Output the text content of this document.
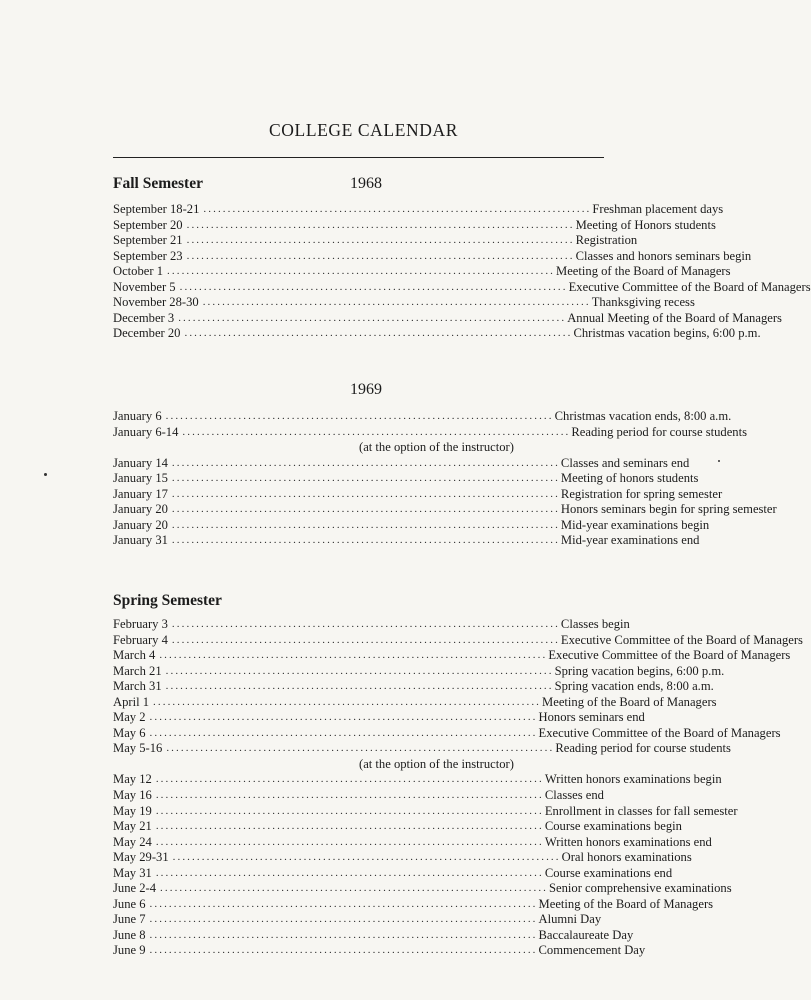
COLLEGE CALENDAR
Fall Semester	1968
September 18-21 ................................................................................ Freshman placement days
September 20 ................................................................................ Meeting of Honors students
September 21 ................................................................................ Registration
September 23 ................................................................................ Classes and honors seminars begin
October 1 ................................................................................ Meeting of the Board of Managers
November 5 ................................................................................ Executive Committee of the Board of Managers
November 28-30 ................................................................................ Thanksgiving recess
December 3 ................................................................................ Annual Meeting of the Board of Managers
December 20 ................................................................................ Christmas vacation begins, 6:00 p.m.
1969
January 6 ................................................................................ Christmas vacation ends, 8:00 a.m.
January 6-14 ................................................................................ Reading period for course students
(at the option of the instructor)
January 14 ................................................................................ Classes and seminars end
January 15 ................................................................................ Meeting of honors students
January 17 ................................................................................ Registration for spring semester
January 20 ................................................................................ Honors seminars begin for spring semester
January 20 ................................................................................ Mid-year examinations begin
January 31 ................................................................................ Mid-year examinations end
Spring Semester
February 3 ................................................................................ Classes begin
February 4 ................................................................................ Executive Committee of the Board of Managers
March 4 ................................................................................ Executive Committee of the Board of Managers
March 21 ................................................................................ Spring vacation begins, 6:00 p.m.
March 31 ................................................................................ Spring vacation ends, 8:00 a.m.
April 1 ................................................................................ Meeting of the Board of Managers
May 2 ................................................................................ Honors seminars end
May 6 ................................................................................ Executive Committee of the Board of Managers
May 5-16 ................................................................................ Reading period for course students
(at the option of the instructor)
May 12 ................................................................................ Written honors examinations begin
May 16 ................................................................................ Classes end
May 19 ................................................................................ Enrollment in classes for fall semester
May 21 ................................................................................ Course examinations begin
May 24 ................................................................................ Written honors examinations end
May 29-31 ................................................................................ Oral honors examinations
May 31 ................................................................................ Course examinations end
June 2-4 ................................................................................ Senior comprehensive examinations
June 6 ................................................................................ Meeting of the Board of Managers
June 7 ................................................................................ Alumni Day
June 8 ................................................................................ Baccalaureate Day
June 9 ................................................................................ Commencement Day
